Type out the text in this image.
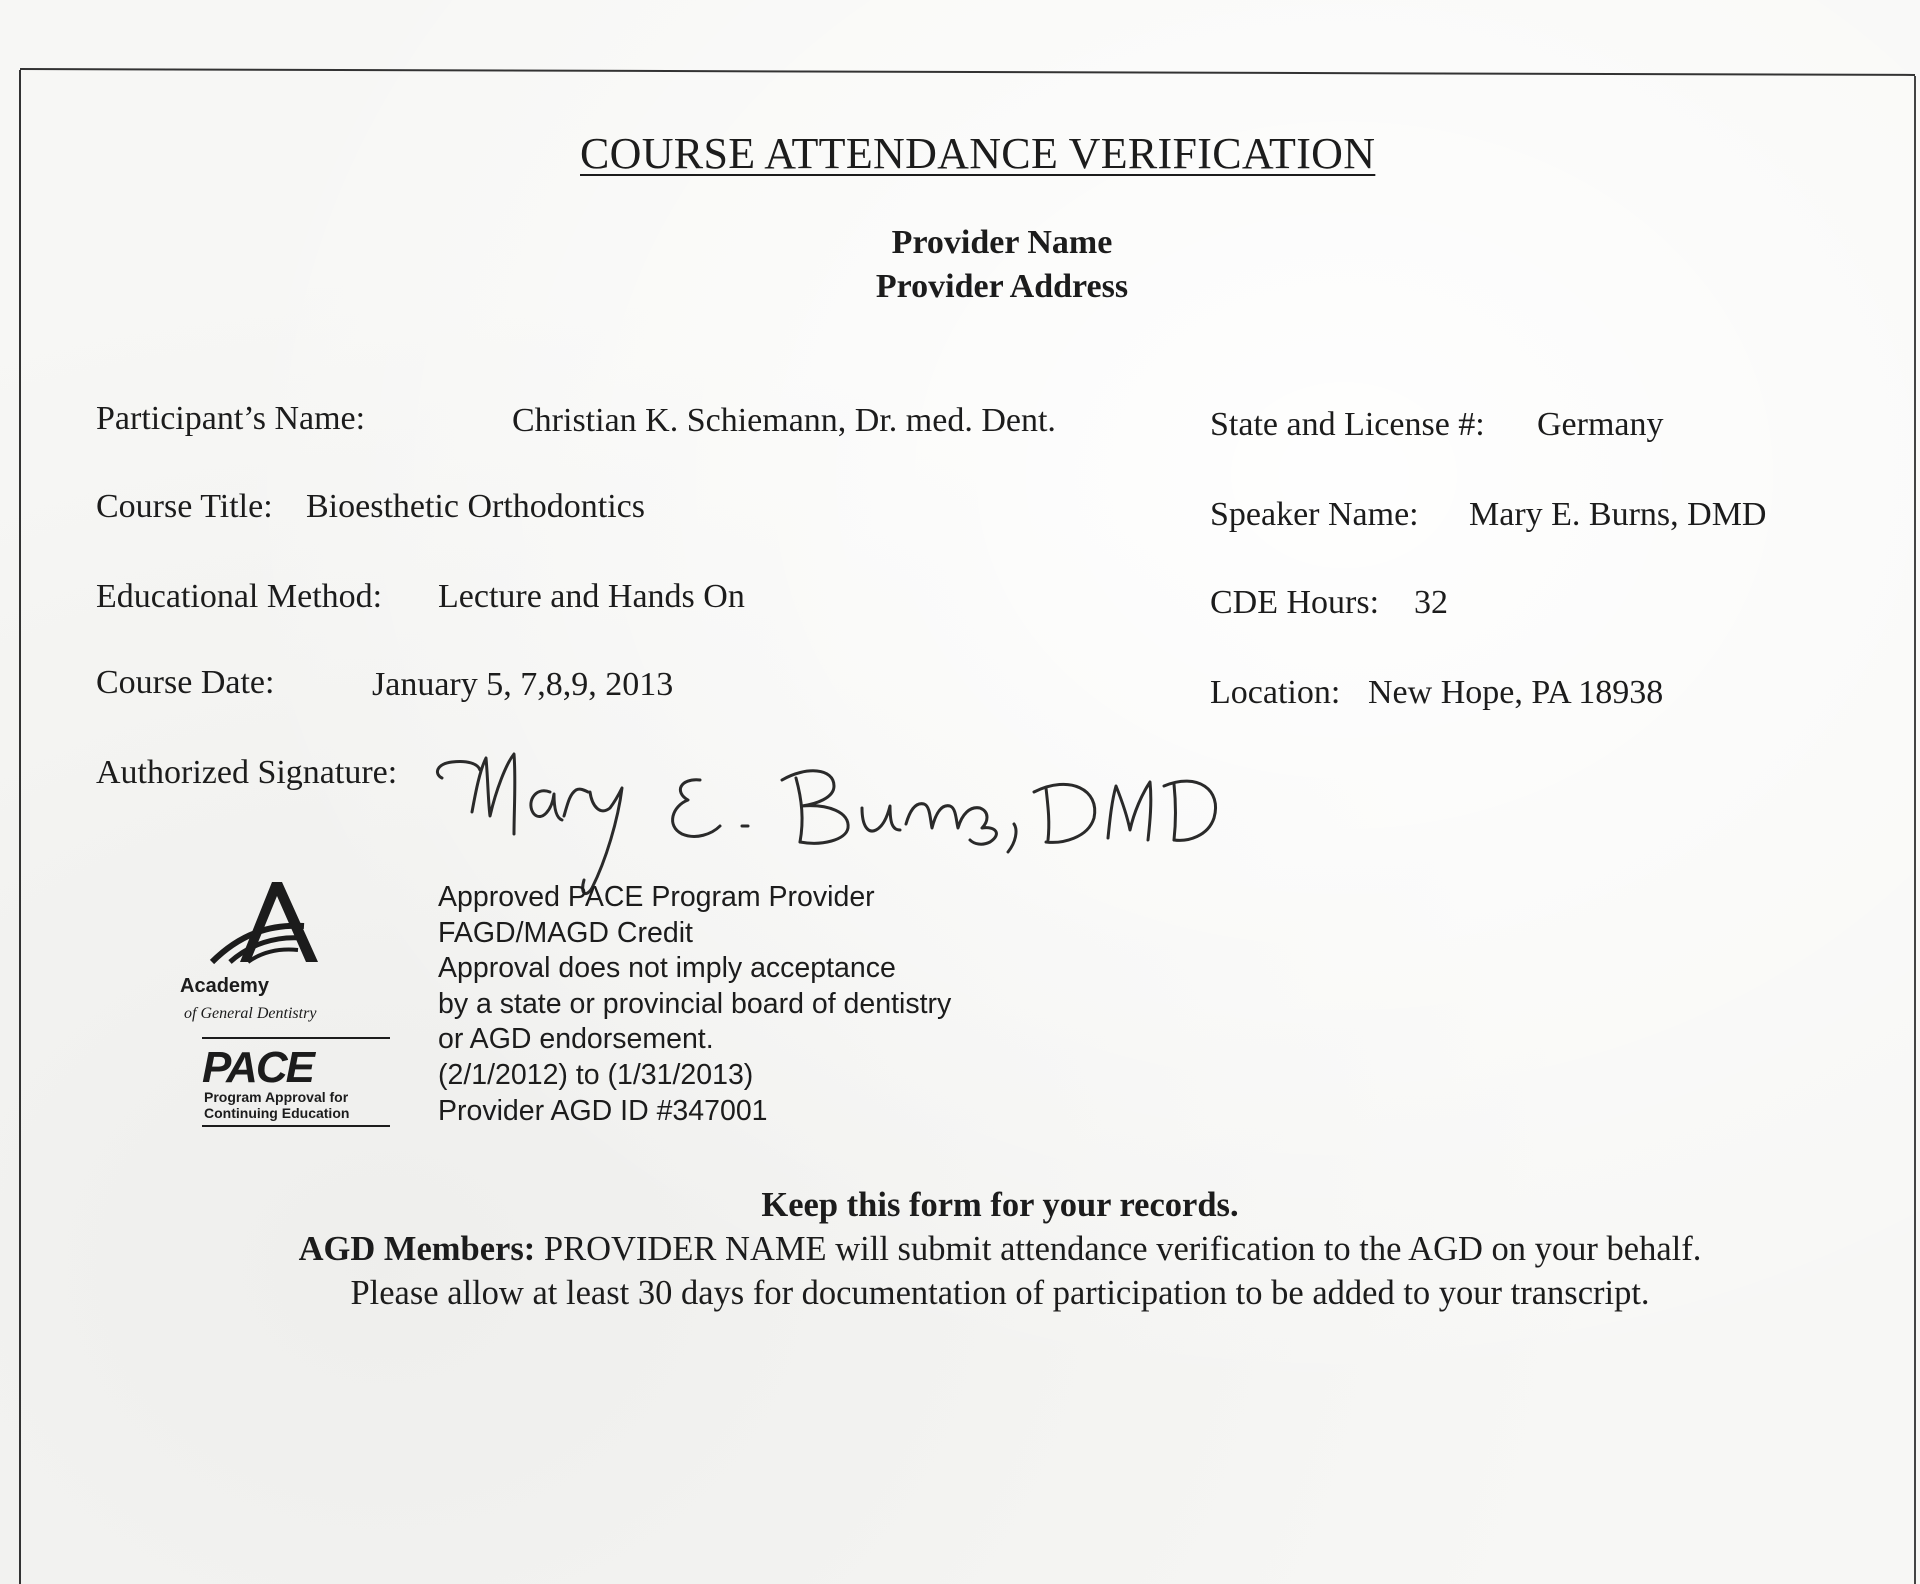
COURSE ATTENDANCE VERIFICATION
Provider Name
Provider Address
Participant’s Name:	Christian K. Schiemann, Dr. med. Dent.
Course Title: Bioesthetic Orthodontics
Educational Method: Lecture and Hands On
Course Date:	January 5, 7,8,9, 2013
Authorized Signature:
State and License #: Germany
Speaker Name: Mary E. Burns, DMD
CDE Hours: 32
Location: New Hope, PA 18938
Academy
of General Dentistry
PACE
Program Approval for
Continuing Education
Approved PACE Program Provider
FAGD/MAGD Credit
Approval does not imply acceptance
by a state or provincial board of dentistry
or AGD endorsement.
(2/1/2012) to (1/31/2013)
Provider AGD ID #347001
Keep this form for your records.
AGD Members: PROVIDER NAME will submit attendance verification to the AGD on your behalf.
Please allow at least 30 days for documentation of participation to be added to your transcript.
